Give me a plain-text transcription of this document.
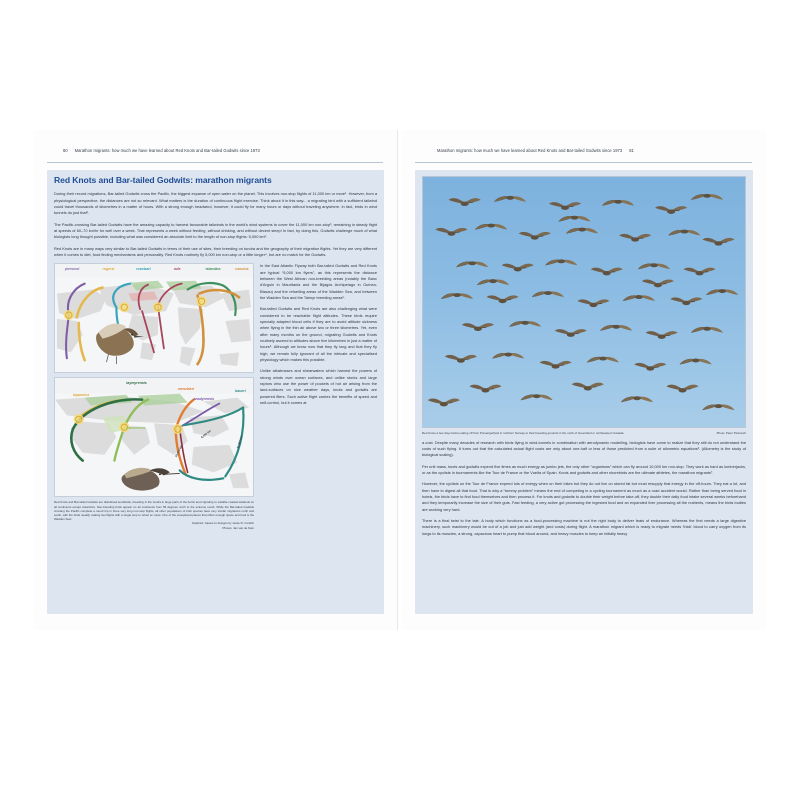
80 Marathon migrants: how much we have learned about Red Knots and Bar-tailed Godwits since 1973
Red Knots and Bar-tailed Godwits: marathon migrants

During their record migrations, Bar-tailed Godwits cross the Pacific, the biggest expanse of open water on the planet. This involves non-stop flights of 11,000 km or more¹. However, from a physiological perspective, the distances are not so relevant. What matters is the duration of continuous flight exercise. Think about it in this way... a migrating bird with a sufficient tailwind could travel thousands of kilometres in a matter of hours. With a strong enough headwind, however, it could fly for many hours or days without traveling anywhere. In fact, birds in wind tunnels do just that².

The Pacific-crossing Bar-tailed Godwits have the amazing capacity to harvest favourable tailwinds in the world's wind systems to cover the 11,000 km non-stop³, remaining in steady flight at speeds of 60–70 km/hr for well over a week. That represents a week without feeding, without drinking, and without decent sleep! In fact, by doing this, Godwits challenge much of what biologists long thought possible, including what was considered an absolute limit to the length of non-stop flights: 5,000 km².

Red Knots are in many ways very similar to Bar-tailed Godwits in terms of their use of sites, their breeding on tundra and the geography of their migration flights. Yet they are very different when it comes to diet, food finding mechanisms and personality. Red Knots routinely fly 5,000 km non-stop or a little longer⁴, but are no match for the Godwits.

piersmai	rogersi	roselaari	rufa	islandica	canutus
lapponica
taymyrensis
menzbieri
anadyrensis
baueri
yamalensis
8,000 km
10,000 km
11,000 km

Red Knots and Bar-tailed Godwits are distributed worldwide, breeding in the tundra in large parts of the Arctic and migrating to suitable coastal wetlands on all continents except Antarctica. Non-breeding birds appear on all continents from 55 degrees north to the extreme south. While the Bar-tailed Godwits crossing the Pacific complete a round trip in three very long non-stop flights, all other populations of both species have very similar migrations north and south, with the birds usually making two flights with a single stop to refuel en route. One of the exceptional places that offers enough space and food is the Wadden Sea!

Graphics: based on designs by Jesse R. Conklin

Photos: Jan van de Kam

In the East Atlantic Flyway both Bar-tailed Godwits and Red Knots are typical “5,000 km flyers”, as this represents the distance between the West African non-breeding areas (notably the Banc d'Arguin in Mauritania and the Bijagós Archipelago in Guinea-Bissau) and the refuelling areas of the Wadden Sea, and between the Wadden Sea and the Taimyr breeding areas⁵.

Bar-tailed Godwits and Red Knots are also challenging what were considered to be reachable flight altitudes. These birds require specially adapted blood cells if they are to avoid altitude sickness when flying in the thin air above two or three kilometres. Yet, even after many months on the ground, migrating Godwits and Knots routinely ascend to altitudes above five kilometres in just a matter of hours⁶. Although we know now that they fly long and that they fly high, we remain fully ignorant of all the intricate and specialised physiology which makes this possible.

Unlike albatrosses and shearwaters which harvest the powers of strong winds over ocean surfaces, and unlike storks and large raptors who use the power of pockets of hot air arising from the land-surfaces on nice weather days, knots and godwits are powered fliers. Such active flight carries the benefits of speed and self-control, but it comes at

Marathon migrants: how much we have learned about Red Knots and Bar-tailed Godwits since 1973 81
Red Knots a few days before taking off from Porsangerfjord in northern Norway to their breeding grounds in the north of Greenland or northeastern Canada.	Photo: Peter Prokosch

a cost. Despite many decades of research with birds flying in wind-tunnels in combination with aerodynamic modelling, biologists have come to realize that they still do not understand the costs of such flying. It turns out that the calculated actual flight costs are only about one-half or less of those predicted from a suite of allometric equations². (Allometry is the study of biological scaling).

Per unit mass, knots and godwits expend five times as much energy as jumbo jets, the only other “organisms” which can fly around 10,000 km non-stop. They work as hard as lumberjacks, or as the cyclists in tournaments like the Tour de France or the Vuelta of Spain. Knots and godwits and other shorebirds are the ultimate athletes, the marathon migrants⁷.

However, the cyclists on the Tour de France expend lots of energy when on their bikes but they do not live on stored fat but must resupply that energy in the off-hours. They eat a lot, and then have to digest all that food. That is why a “tummy problem” means the end of competing in a cycling tournament as much as a road accident would. Rather than being served food in hotels, the birds have to find food themselves and then process it. For knots and godwits to double their weight before take-off, they double their daily food intake several weeks beforehand and they temporarily increase the size of their guts. Fast feeding, a very active gut processing the ingested food and an expanded liver processing all the nutrients, means the birds bodies are working very hard.

There is a final twist to the tale. A body which functions as a food-processing machine is not the right body to deliver feats of endurance. Whereas the first needs a large digestive machinery, such machinery would be out of a job and just add weight (and costs) during flight. A marathon migrant which is ready to migrate needs 'thick' blood to carry oxygen from its lungs to its muscles, a strong, capacious heart to pump that blood around, and heavy muscles to keep an initially heavy
